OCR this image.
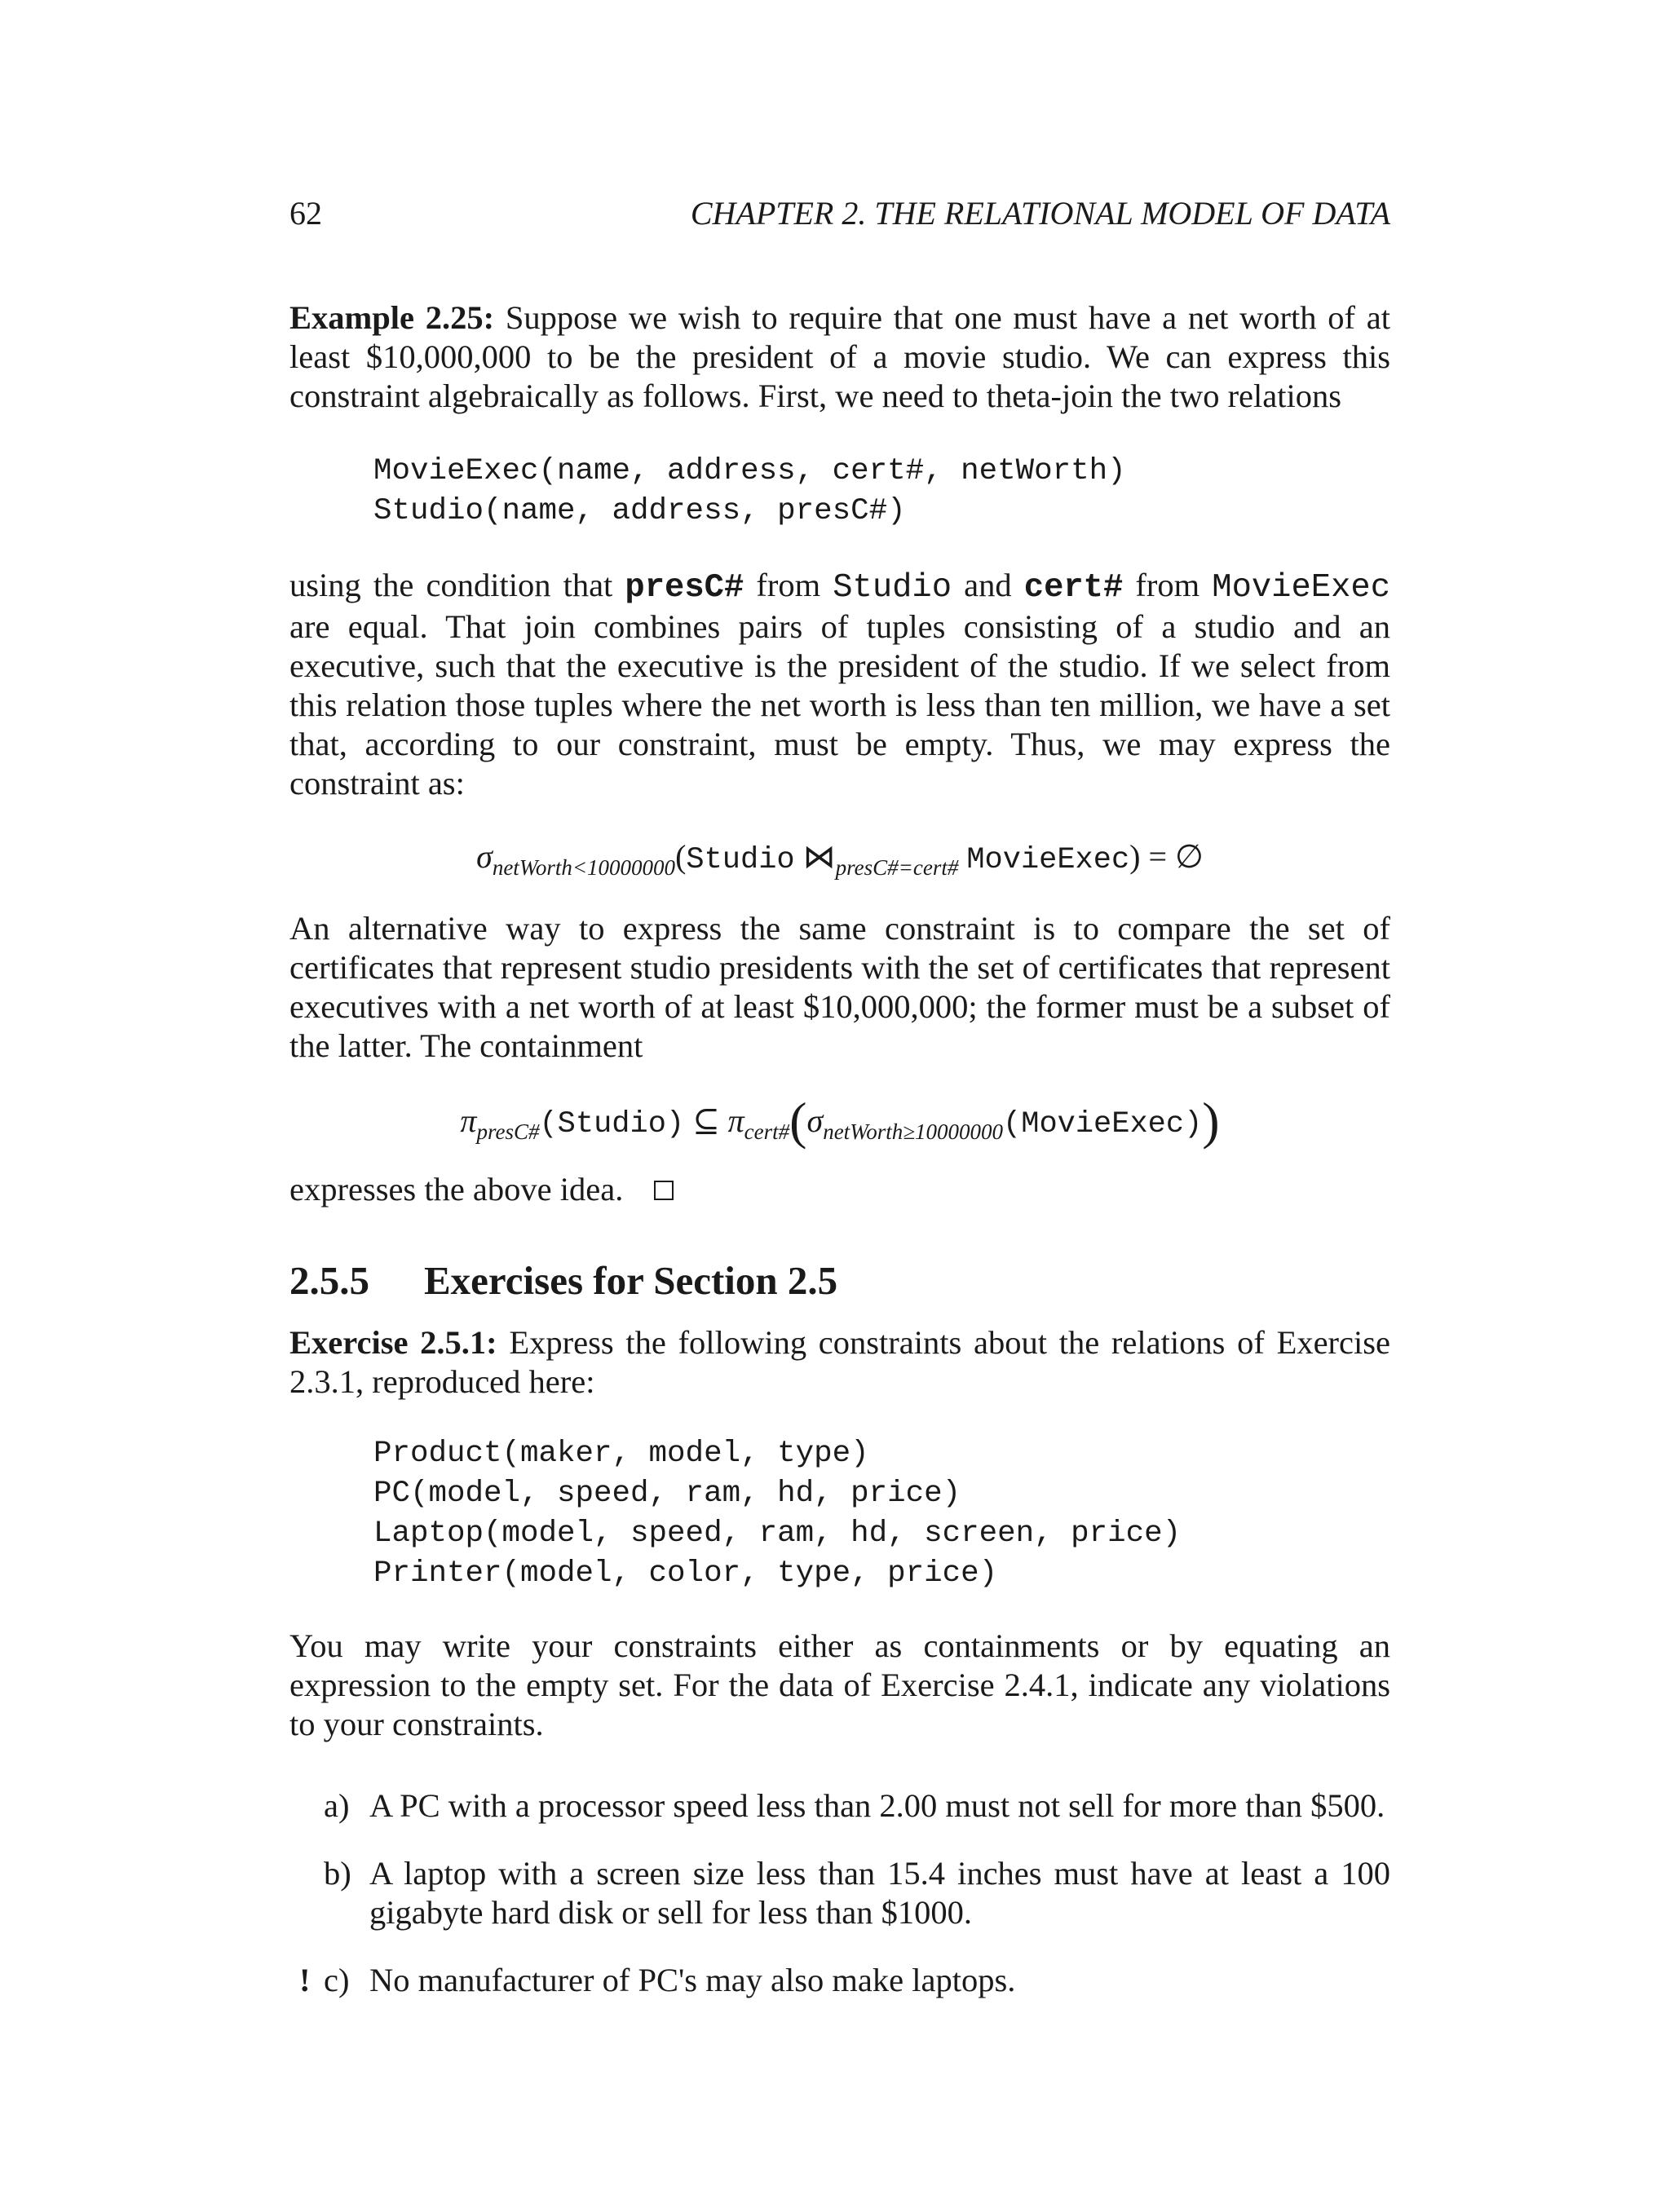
62	CHAPTER 2. THE RELATIONAL MODEL OF DATA

Example 2.25: Suppose we wish to require that one must have a net worth of at least $10,000,000 to be the president of a movie studio. We can express this constraint algebraically as follows. First, we need to theta-join the two relations

MovieExec(name, address, cert#, netWorth)
Studio(name, address, presC#)

using the condition that presC# from Studio and cert# from MovieExec are equal. That join combines pairs of tuples consisting of a studio and an executive, such that the executive is the president of the studio. If we select from this relation those tuples where the net worth is less than ten million, we have a set that, according to our constraint, must be empty. Thus, we may express the constraint as:

$\sigma_{netWorth<10000000}(Studio$ $⋈_{presC\#=cert\#}$ MovieExec) = ∅

An alternative way to express the same constraint is to compare the set of certificates that represent studio presidents with the set of certificates that represent executives with a net worth of at least $10,000,000; the former must be a subset of the latter. The containment

$\pi_{presC\#}(Studio)$ ⊆ $\pi_{cert\#}(\sigma_{netWorth\ge 10000000}(MovieExec))$

expresses the above idea.

2.5.5 Exercises for Section 2.5

Exercise 2.5.1: Express the following constraints about the relations of Exercise 2.3.1, reproduced here:

Product(maker, model, type)
PC(model, speed, ram, hd, price)
Laptop(model, speed, ram, hd, screen, price)
Printer(model, color, type, price)

You may write your constraints either as containments or by equating an expression to the empty set. For the data of Exercise 2.4.1, indicate any violations to your constraints.

a) A PC with a processor speed less than 2.00 must not sell for more than $500.
b) A laptop with a screen size less than 15.4 inches must have at least a 100 gigabyte hard disk or sell for less than $1000.
! c) No manufacturer of PC's may also make laptops.
